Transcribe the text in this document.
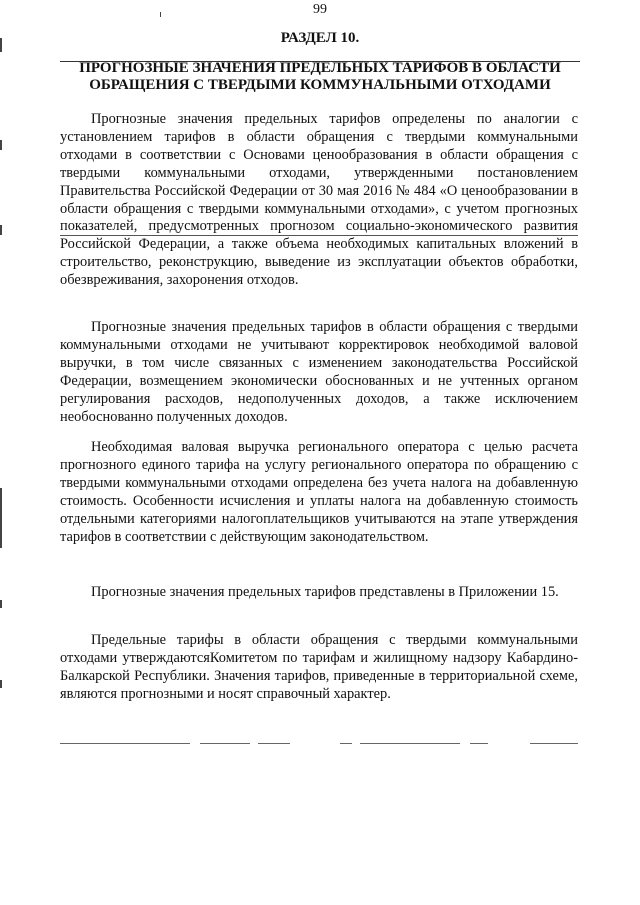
99
РАЗДЕЛ 10.
ПРОГНОЗНЫЕ ЗНАЧЕНИЯ ПРЕДЕЛЬНЫХ ТАРИФОВ В ОБЛАСТИ
ОБРАЩЕНИЯ С ТВЕРДЫМИ КОММУНАЛЬНЫМИ ОТХОДАМИ

Прогнозные значения предельных тарифов определены по аналогии с установлением тарифов в области обращения с твердыми коммунальными отходами в соответствии с Основами ценообразования в области обращения с твердыми коммунальными отходами, утвержденными постановлением Правительства Российской Федерации от 30 мая 2016 № 484 «О ценообразовании в области обращения с твердыми коммунальными отходами», с учетом прогнозных показателей, предусмотренных прогнозом социально-экономического развития Российской Федерации, а также объема необходимых капитальных вложений в строительство, реконструкцию, выведение из эксплуатации объектов обработки, обезвреживания, захоронения отходов.

Прогнозные значения предельных тарифов в области обращения с твердыми коммунальными отходами не учитывают корректировок необходимой валовой выручки, в том числе связанных с изменением законодательства Российской Федерации, возмещением экономически обоснованных и не учтенных органом регулирования расходов, недополученных доходов, а также исключением необоснованно полученных доходов.

Необходимая валовая выручка регионального оператора с целью расчета прогнозного единого тарифа на услугу регионального оператора по обращению с твердыми коммунальными отходами определена без учета налога на добавленную стоимость. Особенности исчисления и уплаты налога на добавленную стоимость отдельными категориями налогоплательщиков учитываются на этапе утверждения тарифов в соответствии с действующим законодательством.

Прогнозные значения предельных тарифов представлены в Приложении 15.

Предельные тарифы в области обращения с твердыми коммунальными отходами утверждаютсяКомитетом по тарифам и жилищному надзору Кабардино-Балкарской Республики. Значения тарифов, приведенные в территориальной схеме, являются прогнозными и носят справочный характер.
